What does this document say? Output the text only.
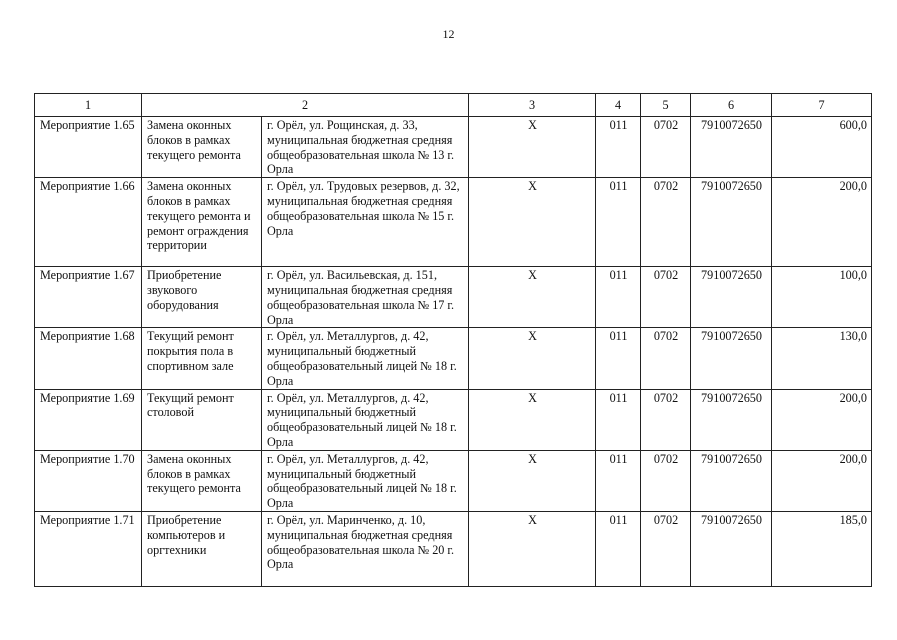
12
1	2		3	4	5	6	7
Мероприятие 1.65	Замена оконных блоков в рамках текущего ремонта	г. Орёл, ул. Рощинская, д. 33, муниципальная бюджетная средняя общеобразовательная школа № 13 г. Орла	Х	011	0702	7910072650	600,0
Мероприятие 1.66	Замена оконных блоков в рамках текущего ремонта и ремонт ограждения территории	г. Орёл, ул. Трудовых резервов, д. 32, муниципальная бюджетная средняя общеобразовательная школа № 15 г. Орла	Х	011	0702	7910072650	200,0
Мероприятие 1.67	Приобретение звукового оборудования	г. Орёл, ул. Васильевская, д. 151, муниципальная бюджетная средняя общеобразовательная школа № 17 г. Орла	Х	011	0702	7910072650	100,0
Мероприятие 1.68	Текущий ремонт покрытия пола в спортивном зале	г. Орёл, ул. Металлургов, д. 42, муниципальный бюджетный общеобразовательный лицей № 18 г. Орла	Х	011	0702	7910072650	130,0
Мероприятие 1.69	Текущий ремонт столовой	г. Орёл, ул. Металлургов, д. 42, муниципальный бюджетный общеобразовательный лицей № 18 г. Орла	Х	011	0702	7910072650	200,0
Мероприятие 1.70	Замена оконных блоков в рамках текущего ремонта	г. Орёл, ул. Металлургов, д. 42, муниципальный бюджетный общеобразовательный лицей № 18 г. Орла	Х	011	0702	7910072650	200,0
Мероприятие 1.71	Приобретение компьютеров и оргтехники	г. Орёл, ул. Маринченко, д. 10, муниципальная бюджетная средняя общеобразовательная школа № 20 г. Орла	Х	011	0702	7910072650	185,0
